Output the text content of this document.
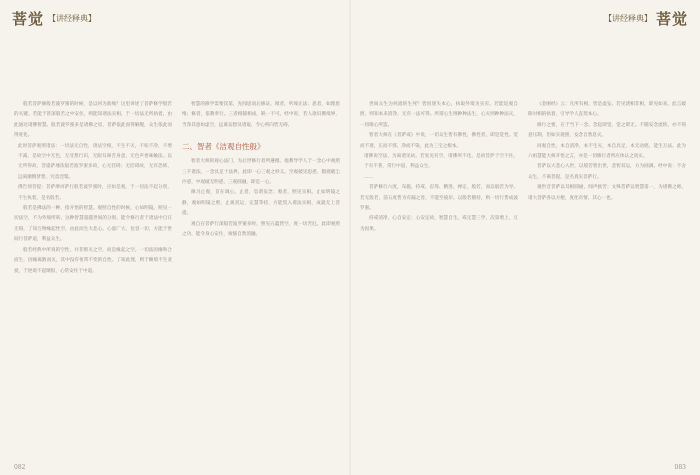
菩觉 【讲经释典】

般若菩萨修般若波罗蜜的时候，是以何为准绳？这里讲述了菩萨修学般若的关键。若能于甚深般若之中安住，则能知诸法实相，于一切法无所执着，由此通达诸佛智慧。般若波罗蜜多是诸佛之母，菩萨依此而得解脱，众生依此而得度化。

此时菩萨观照诸法：一切法无自性，诸法空相，不生不灭，不垢不净，不增不减。是故空中无色，无受想行识，无眼耳鼻舌身意，无色声香味触法。以无所得故，菩提萨埵依般若波罗蜜多故，心无挂碍；无挂碍故，无有恐怖，远离颠倒梦想，究竟涅槃。

佛告须菩提：菩萨摩诃萨行般若波罗蜜时，应如是观，于一切法不起分别，不生执着，是名般若。

般若是佛法的一种，指开悟的智慧。观照自性的时候，心如明镜，照见一切法空，不为外境所转。这种智慧超越世间的分别，能令修行者于诸法中自在无碍，了知万物缘起性空，由此而生大悲心。心量广大，包容一切，方能于世间行菩萨道，利益众生。

般若经典中所说的空性，并非断灭之空，而是缘起之空。一切法因缘和合而生，因缘离散而灭，其中没有恒常不变的自性。了知此理，则于顺境不生贪爱，于逆境不起嗔恨，心常安住于中道。

智慧的修学需要次第，先闻思而后修证。闻者，听闻正法；思者，如理思维；修者，依教奉行。三者相辅相成，缺一不可。经中说，若人欲识佛境界，当净其意如虚空，远离妄想及诸取，令心所向皆无碍。

二、智者《洁观自性般》

智者大师的观心法门，为后世修行者所遵循。他教导学人于一念心中观照三千诸法，一念具足十法界，此即一心三观之妙义。空观破见思惑，假观破尘沙惑，中观破无明惑，三观圆融，即是一心。

修习止观，首在调心。止者，息诸妄念；观者，照见实相。止如明镜之静，观如明镜之照，止观双运，定慧等持，方能契入诸法实相，成就无上菩提。

观自在菩萨行深般若波罗蜜多时，照见五蕴皆空，度一切苦厄。此即观照之功，能令身心安住，烦恼自然消融。

082
【讲经释典】 菩觉

世间众生为何流转生死？皆因迷失本心，执取外境为实有。若能返观自照，则知本来清净，无有一法可得。所谓心生则种种法生，心灭则种种法灭，一切唯心所造。

智者大师在《菩萨戒》中说，一切众生皆有佛性，佛性者，即是觉性。觉而不迷，正而不邪，净而不染，此为三宝之根本。

诸佛说空法，为离诸见故。若复见有空，诸佛所不化。是故菩萨于空不住，于有不著，常行中道，利益众生。

……

菩萨修行六度，布施、持戒、忍辱、精进、禅定、般若，而以般若为导。若无般若，前五度皆为有漏之善，不能至彼岸。以般若摄持，则一切行皆成波罗蜜。

持戒清净，心自安定；心安定故，智慧自生。戒定慧三学，次第增上，互为因果。

《金刚经》云：凡所有相，皆是虚妄。若见诸相非相，即见如来。此言破除对相的执着，引导学人直契本心。

修行之要，在于当下一念。念起即觉，觉之即无。不随妄念流转，亦不刻意压制，但如实观照，妄念自然息灭。

回观自性，本自清净，本不生灭，本自具足，本无动摇，能生万法。此为六祖慧能大师开悟之言，亦是一切修行者所应体认之真实。

菩萨以大悲心入世，以般若智出世，悲智双运，方为圆满。经中说：不舍众生，不离菩提，是名真实菩萨行。

观世音菩萨以耳根圆通，闻声救苦；文殊菩萨以智慧第一，为诸佛之师。诸大菩萨各以方便，度化有情，其心一也。

083
